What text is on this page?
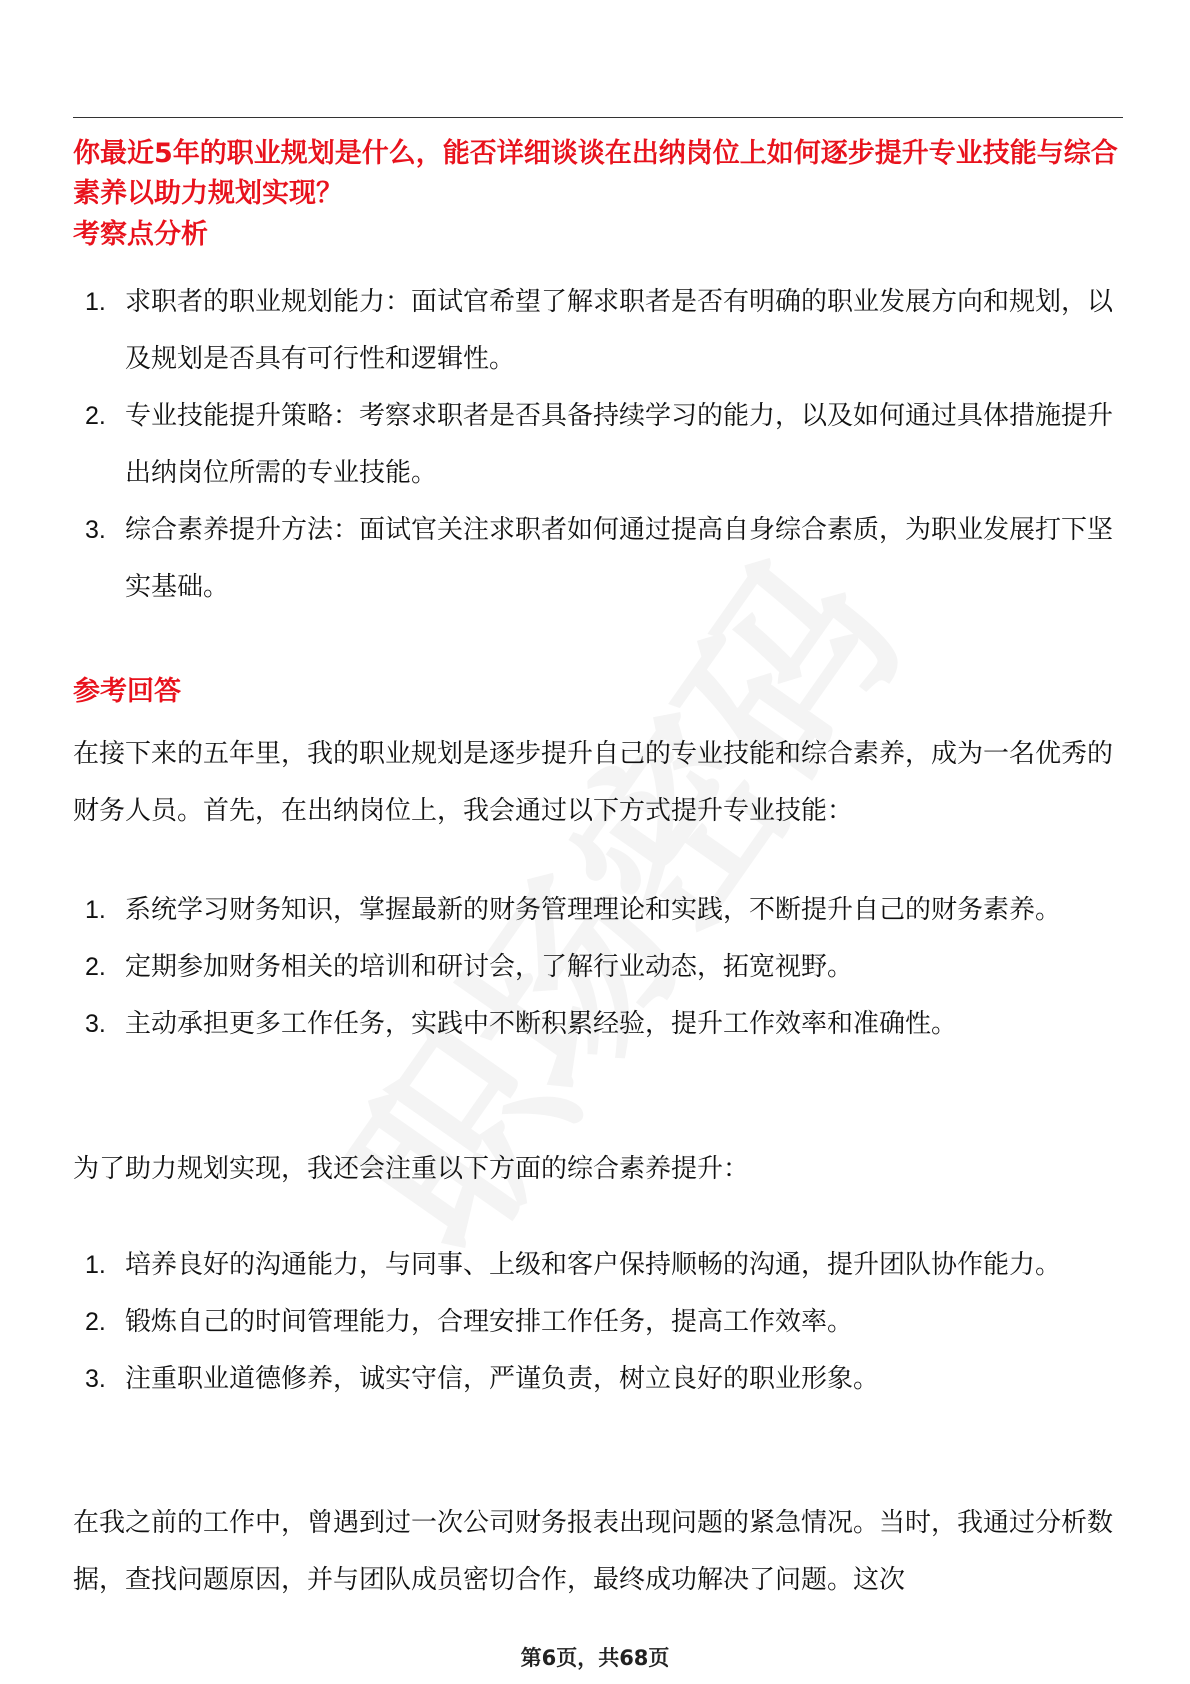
你最近5年的职业规划是什么，能否详细谈谈在出纳岗位上如何逐步提升专业技能与综合素养以助力规划实现？
考察点分析
1. 求职者的职业规划能力：面试官希望了解求职者是否有明确的职业发展方向和规划，以及规划是否具有可行性和逻辑性。
2. 专业技能提升策略：考察求职者是否具备持续学习的能力，以及如何通过具体措施提升出纳岗位所需的专业技能。
3. 综合素养提升方法：面试官关注求职者如何通过提高自身综合素质，为职业发展打下坚实基础。
参考回答
在接下来的五年里，我的职业规划是逐步提升自己的专业技能和综合素养，成为一名优秀的财务人员。首先，在出纳岗位上，我会通过以下方式提升专业技能：
1. 系统学习财务知识，掌握最新的财务管理理论和实践，不断提升自己的财务素养。
2. 定期参加财务相关的培训和研讨会，了解行业动态，拓宽视野。
3. 主动承担更多工作任务，实践中不断积累经验，提升工作效率和准确性。
为了助力规划实现，我还会注重以下方面的综合素养提升：
1. 培养良好的沟通能力，与同事、上级和客户保持顺畅的沟通，提升团队协作能力。
2. 锻炼自己的时间管理能力，合理安排工作任务，提高工作效率。
3. 注重职业道德修养，诚实守信，严谨负责，树立良好的职业形象。
在我之前的工作中，曾遇到过一次公司财务报表出现问题的紧急情况。当时，我通过分析数据，查找问题原因，并与团队成员密切合作，最终成功解决了问题。这次
第6页，共68页
